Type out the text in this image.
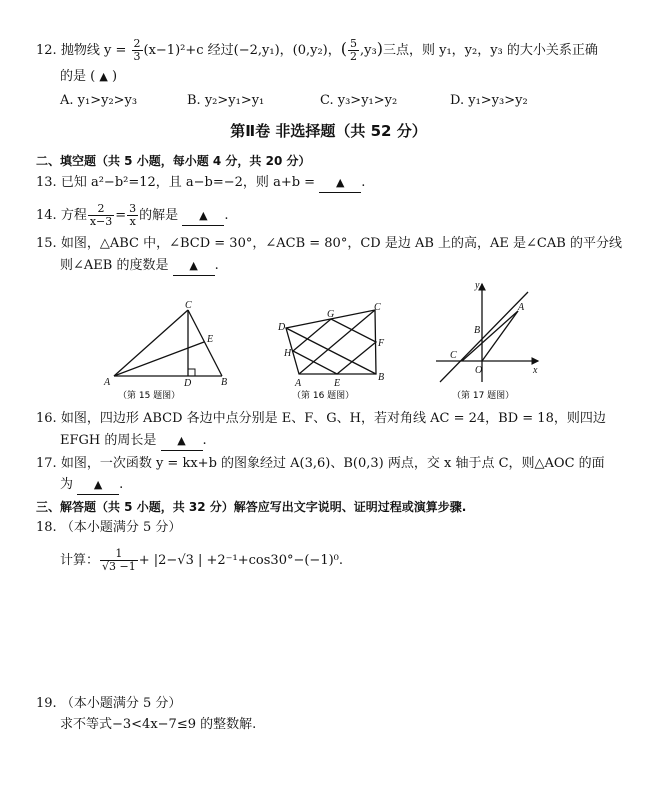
12. 抛物线 $y = \frac{2}{3} (x-1)^2+c$ 经过(−2,y₁)，(0,y₂)，( $\frac{5}{2} ,y_3$)三点，则 y₁，y₂，y₃ 的大小关系正确
的是 ( ▲ )
A. y₁>y₂>y₃	B. y₂>y₁>y₁	C. y₃>y₁>y₂	D. y₁>y₃>y₂
第Ⅱ卷 非选择题（共 52 分）
二、填空题（共 5 小题，每小题 4 分，共 20 分）
13. 已知 a²−b²=12，且 a−b=−2，则 a+b = ▲ .
14. 方程 $\frac{2}{x-3} = \frac{3}{x}$ 的解是 ▲ .
15. 如图，△ABC 中，∠BCD = 30°，∠ACB = 80°，CD 是边 AB 上的高，AE 是∠CAB 的平分线
则∠AEB 的度数是 ▲ .
A	B
C
D
E
（第 15 题图）
A
B
C
D
E
F
G
H
（第 16 题图）
y
x
A
B
C
O
（第 17 题图）
16. 如图，四边形 ABCD 各边中点分别是 E、F、G、H，若对角线 AC = 24，BD = 18，则四边
EFGH 的周长是 ▲ .
17. 如图，一次函数 y = kx+b 的图象经过 A(3,6)、B(0,3) 两点，交 x 轴于点 C，则△AOC 的面
为 ▲ .
三、解答题（共 5 小题，共 32 分）解答应写出文字说明、证明过程或演算步骤.
18. （本小题满分 5 分）
计算： $\frac{1}{√3 -1} + |2-√3$ | +2⁻¹+cos30°−(−1)⁰.
19. （本小题满分 5 分）
求不等式−3<4x−7≤9 的整数解.
